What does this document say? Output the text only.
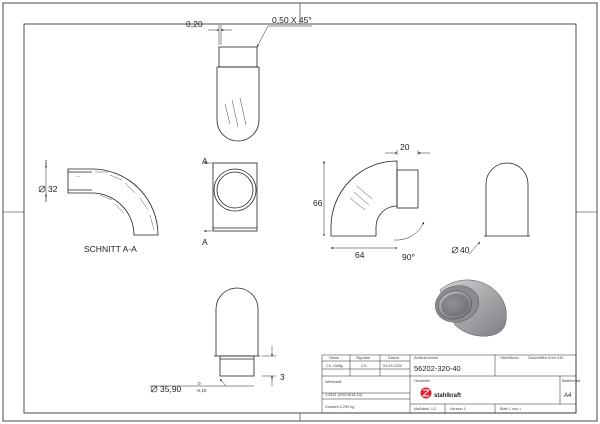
0,20	0,50 X 45°
—
32
SCHNITT A-A
A
A
20
66
64	90°
40
35,90
0
-0,10
3
Name	Signatur	Datum	Artikelnummer	Oberfläche: Geschliffen Korn 240
Ch. Hölfig	CH	04.03.2020 56202-320-40
Werkstoff:
1.4301 (X5CrNi18-10)
Hersteller
Gewicht 0,299 kg
stahlkraft
Blattformat
A4
Maßstab: 1:2	Version 1	Blatt 1 von 1
